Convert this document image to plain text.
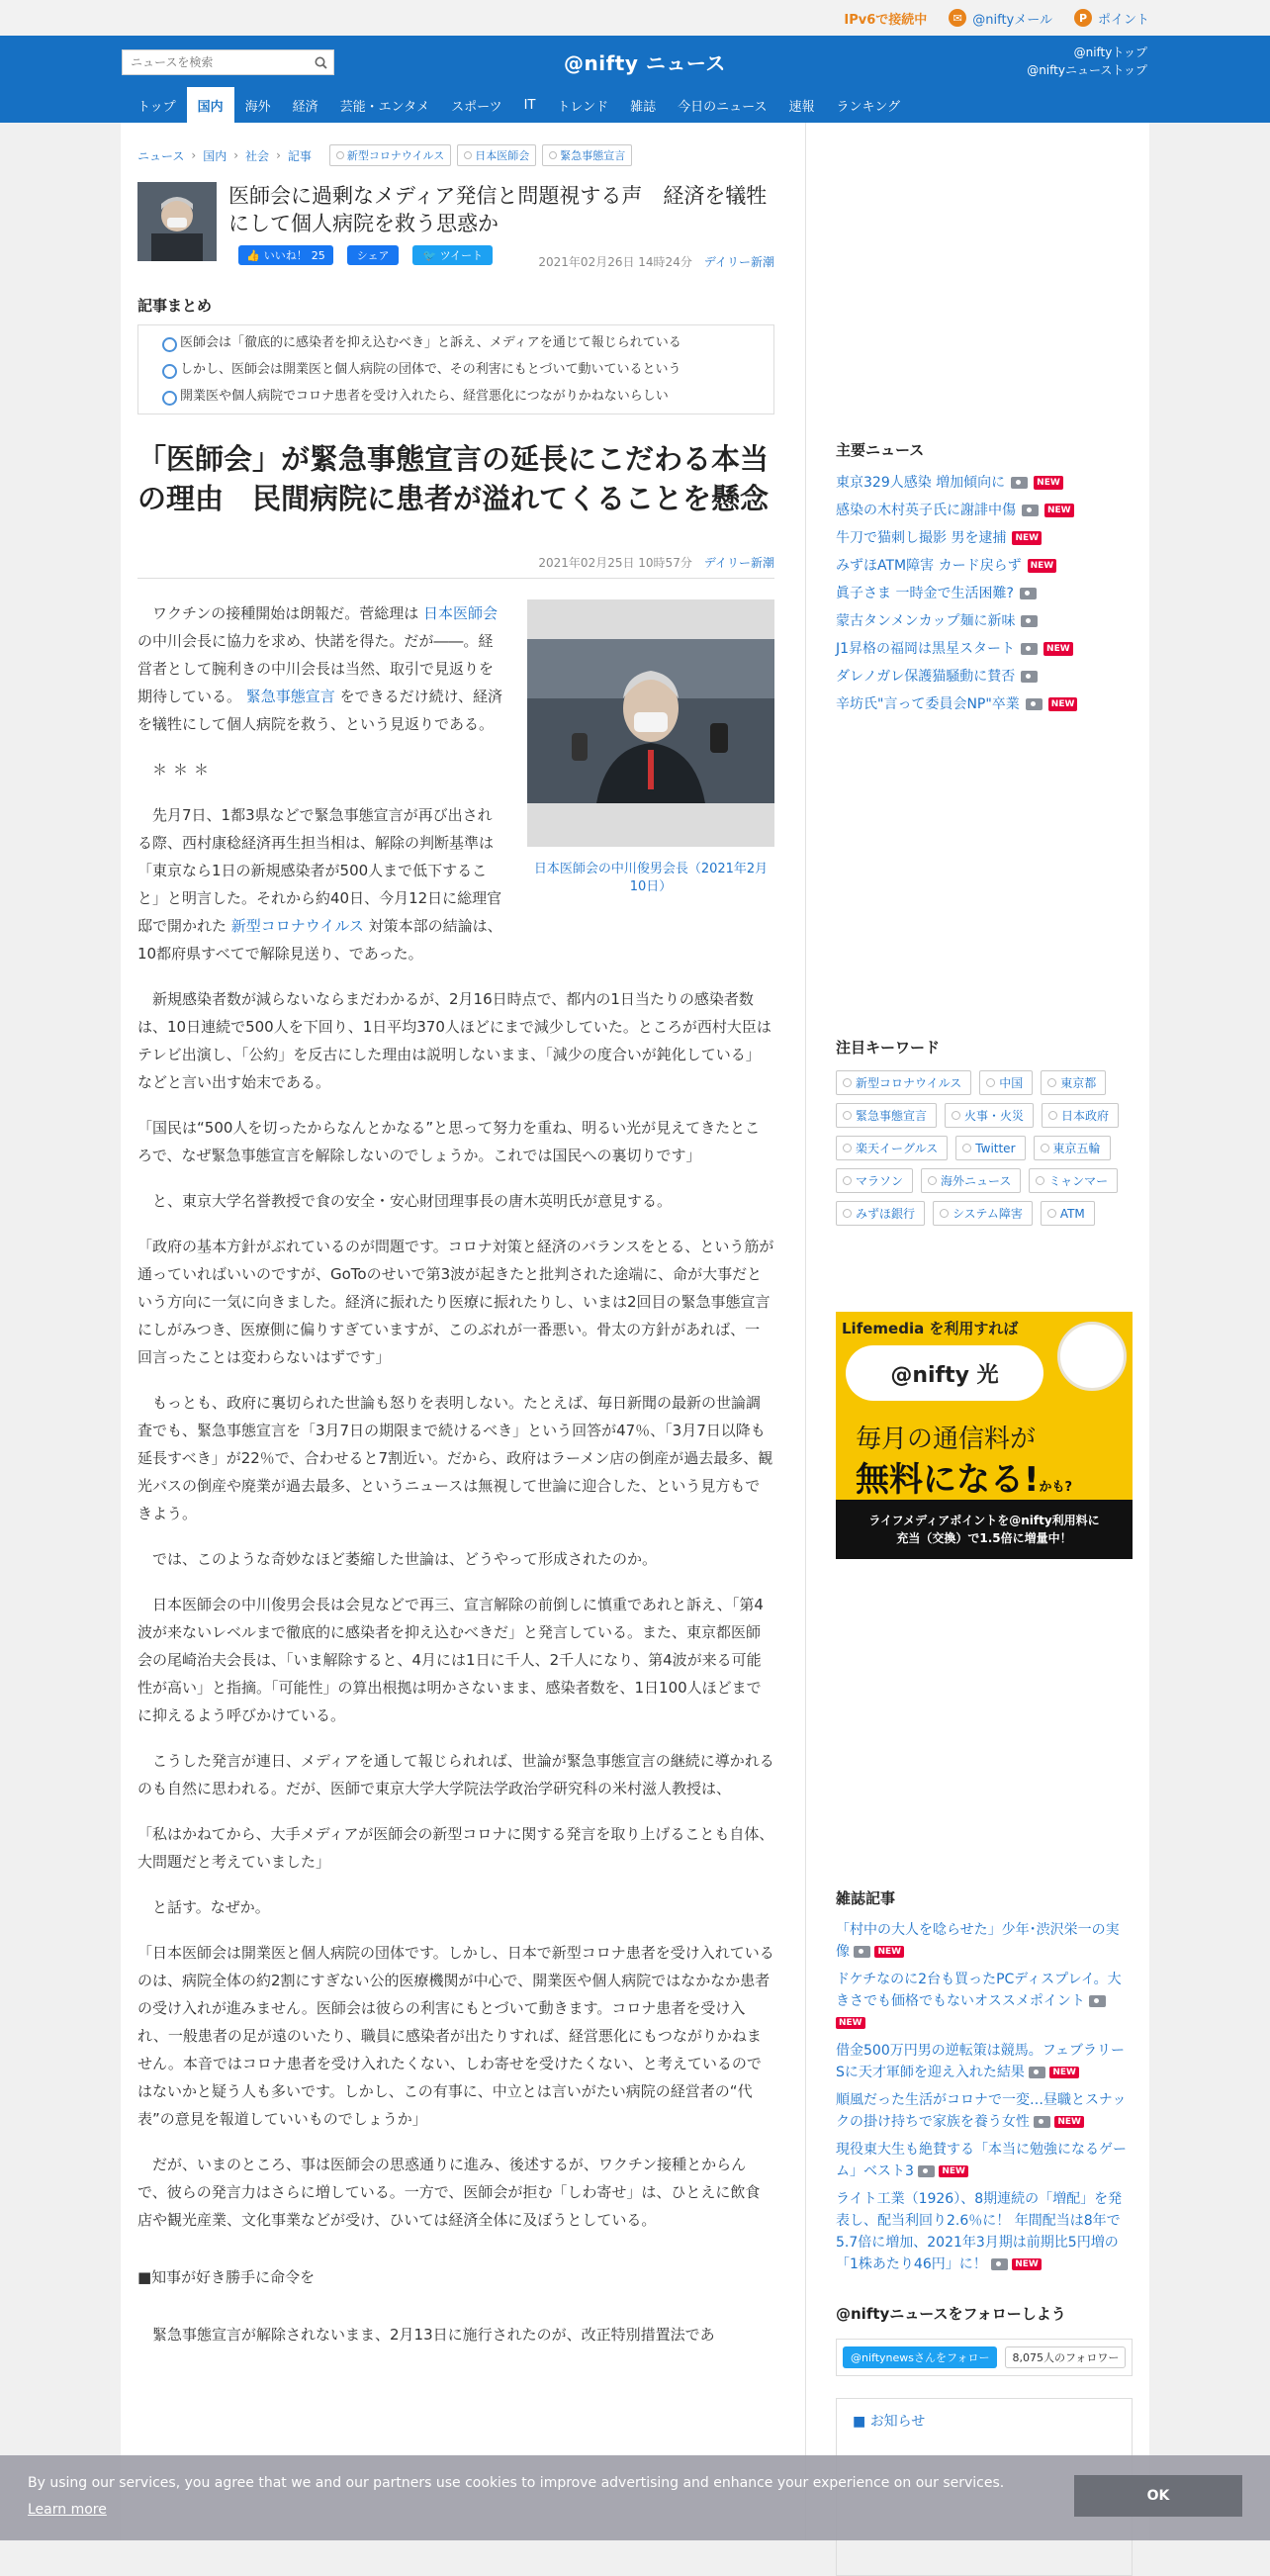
IPv6で接続中	✉ @niftyメール	P ポイント
ニュースを検索
@nifty ニュース	@niftyトップ
@niftyニューストップ
トップ	国内	海外	経済	芸能・エンタメ	スポーツ	IT	トレンド	雑誌	今日のニュース	速報	ランキング
ニュース › 国内 › 社会 › 記事	新型コロナウイルス	日本医師会	緊急事態宣言
医師会に過剰なメディア発信と問題視する声　経済を犠牲にして個人病院を救う思惑か
👍 いいね！ 25	シェア	🐦 ツイート	2021年02月26日 14時24分 デイリー新潮
記事まとめ
医師会は「徹底的に感染者を抑え込むべき」と訴え、メディアを通じて報じられている
しかし、医師会は開業医と個人病院の団体で、その利害にもとづいて動いているという
開業医や個人病院でコロナ患者を受け入れたら、経営悪化につながりかねないらしい
「医師会」が緊急事態宣言の延長にこだわる本当の理由　民間病院に患者が溢れてくることを懸念
2021年02月25日 10時57分 デイリー新潮
日本医師会の中川俊男会長（2021年2月10日）

ワクチンの接種開始は朗報だ。菅総理は 日本医師会 の中川会長に協力を求め、快諾を得た。だが――。経営者として腕利きの中川会長は当然、取引で見返りを期待している。 緊急事態宣言 をできるだけ続け、経済を犠牲にして個人病院を救う、という見返りである。

＊＊＊

先月7日、1都3県などで緊急事態宣言が再び出される際、西村康稔経済再生担当相は、解除の判断基準は「東京なら1日の新規感染者が500人まで低下すること」と明言した。それから約40日、今月12日に総理官邸で開かれた 新型コロナウイルス 対策本部の結論は、10都府県すべてで解除見送り、であった。

新規感染者数が減らないならまだわかるが、2月16日時点で、都内の1日当たりの感染者数は、10日連続で500人を下回り、1日平均370人ほどにまで減少していた。ところが西村大臣はテレビ出演し、「公約」を反古にした理由は説明しないまま、「減少の度合いが鈍化している」などと言い出す始末である。

「国民は“500人を切ったからなんとかなる”と思って努力を重ね、明るい光が見えてきたところで、なぜ緊急事態宣言を解除しないのでしょうか。これでは国民への裏切りです」

と、東京大学名誉教授で食の安全・安心財団理事長の唐木英明氏が意見する。

「政府の基本方針がぶれているのが問題です。コロナ対策と経済のバランスをとる、という筋が通っていればいいのですが、GoToのせいで第3波が起きたと批判された途端に、命が大事だという方向に一気に向きました。経済に振れたり医療に振れたりし、いまは2回目の緊急事態宣言にしがみつき、医療側に偏りすぎていますが、このぶれが一番悪い。骨太の方針があれば、一回言ったことは変わらないはずです」

もっとも、政府に裏切られた世論も怒りを表明しない。たとえば、毎日新聞の最新の世論調査でも、緊急事態宣言を「3月7日の期限まで続けるべき」という回答が47％、「3月7日以降も延長すべき」が22％で、合わせると7割近い。だから、政府はラーメン店の倒産が過去最多、観光バスの倒産や廃業が過去最多、というニュースは無視して世論に迎合した、という見方もできよう。

では、このような奇妙なほど萎縮した世論は、どうやって形成されたのか。

日本医師会の中川俊男会長は会見などで再三、宣言解除の前倒しに慎重であれと訴え、「第4波が来ないレベルまで徹底的に感染者を抑え込むべきだ」と発言している。また、東京都医師会の尾崎治夫会長は、「いま解除すると、4月には1日に千人、2千人になり、第4波が来る可能性が高い」と指摘。「可能性」の算出根拠は明かさないまま、感染者数を、1日100人ほどまでに抑えるよう呼びかけている。

こうした発言が連日、メディアを通して報じられれば、世論が緊急事態宣言の継続に導かれるのも自然に思われる。だが、医師で東京大学大学院法学政治学研究科の米村滋人教授は、

「私はかねてから、大手メディアが医師会の新型コロナに関する発言を取り上げることも自体、大問題だと考えていました」

と話す。なぜか。

「日本医師会は開業医と個人病院の団体です。しかし、日本で新型コロナ患者を受け入れているのは、病院全体の約2割にすぎない公的医療機関が中心で、開業医や個人病院ではなかなか患者の受け入れが進みません。医師会は彼らの利害にもとづいて動きます。コロナ患者を受け入れ、一般患者の足が遠のいたり、職員に感染者が出たりすれば、経営悪化にもつながりかねません。本音ではコロナ患者を受け入れたくない、しわ寄せを受けたくない、と考えているのではないかと疑う人も多いです。しかし、この有事に、中立とは言いがたい病院の経営者の“代表”の意見を報道していいものでしょうか」

だが、いまのところ、事は医師会の思惑通りに進み、後述するが、ワクチン接種とからんで、彼らの発言力はさらに増している。一方で、医師会が拒む「しわ寄せ」は、ひとえに飲食店や観光産業、文化事業などが受け、ひいては経済全体に及ぼうとしている。

■知事が好き勝手に命令を

緊急事態宣言が解除されないまま、2月13日に施行されたのが、改正特別措置法であ

主要ニュース
東京329人感染 増加傾向に	NEW
感染の木村英子氏に謝誹中傷	NEW
牛刀で猫刺し撮影 男を逮捕	NEW
みずほATM障害 カード戻らず	NEW
眞子さま 一時金で生活困難?
蒙古タンメンカップ麺に新味
J1昇格の福岡は黒星スタート	NEW
ダレノガレ保護猫騒動に賛否
辛坊氏"言って委員会NP"卒業	NEW
注目キーワード
新型コロナウイルス	中国	東京都
緊急事態宣言	火事・火災	日本政府
楽天イーグルス	Twitter	東京五輪
マラソン	海外ニュース	ミャンマー
みずほ銀行	システム障害	ATM
Lifemedia を利用すれば
@nifty 光
毎月の通信料が
無料になる!かも?
ライフメディアポイントを@nifty利用料に
充当（交換）で1.5倍に増量中！
雑誌記事
「村中の大人を唸らせた」少年･渋沢栄一の実像	NEW
ドケチなのに2台も買ったPCディスプレイ。大きさでも価格でもないオススメポイント NEW
借金500万円男の逆転策は競馬。フェブラリーSに天才軍師を迎え入れた結果	NEW
順風だった生活がコロナで一変…昼職とスナックの掛け持ちで家族を養う女性	NEW
現役東大生も絶賛する「本当に勉強になるゲーム」ベスト3	NEW
ライト工業（1926）、8期連続の「増配」を発表し、配当利回り2.6％に！ 年間配当は8年で5.7倍に増加、2021年3月期は前期比5円増の「1株あたり46円」に！	NEW
@niftyニュースをフォローしよう
@niftynewsさんをフォロー	8,075人のフォロワー
■ お知らせ
By using our services, you agree that we and our partners use cookies to improve advertising and enhance your experience on our services.
Learn more
OK
